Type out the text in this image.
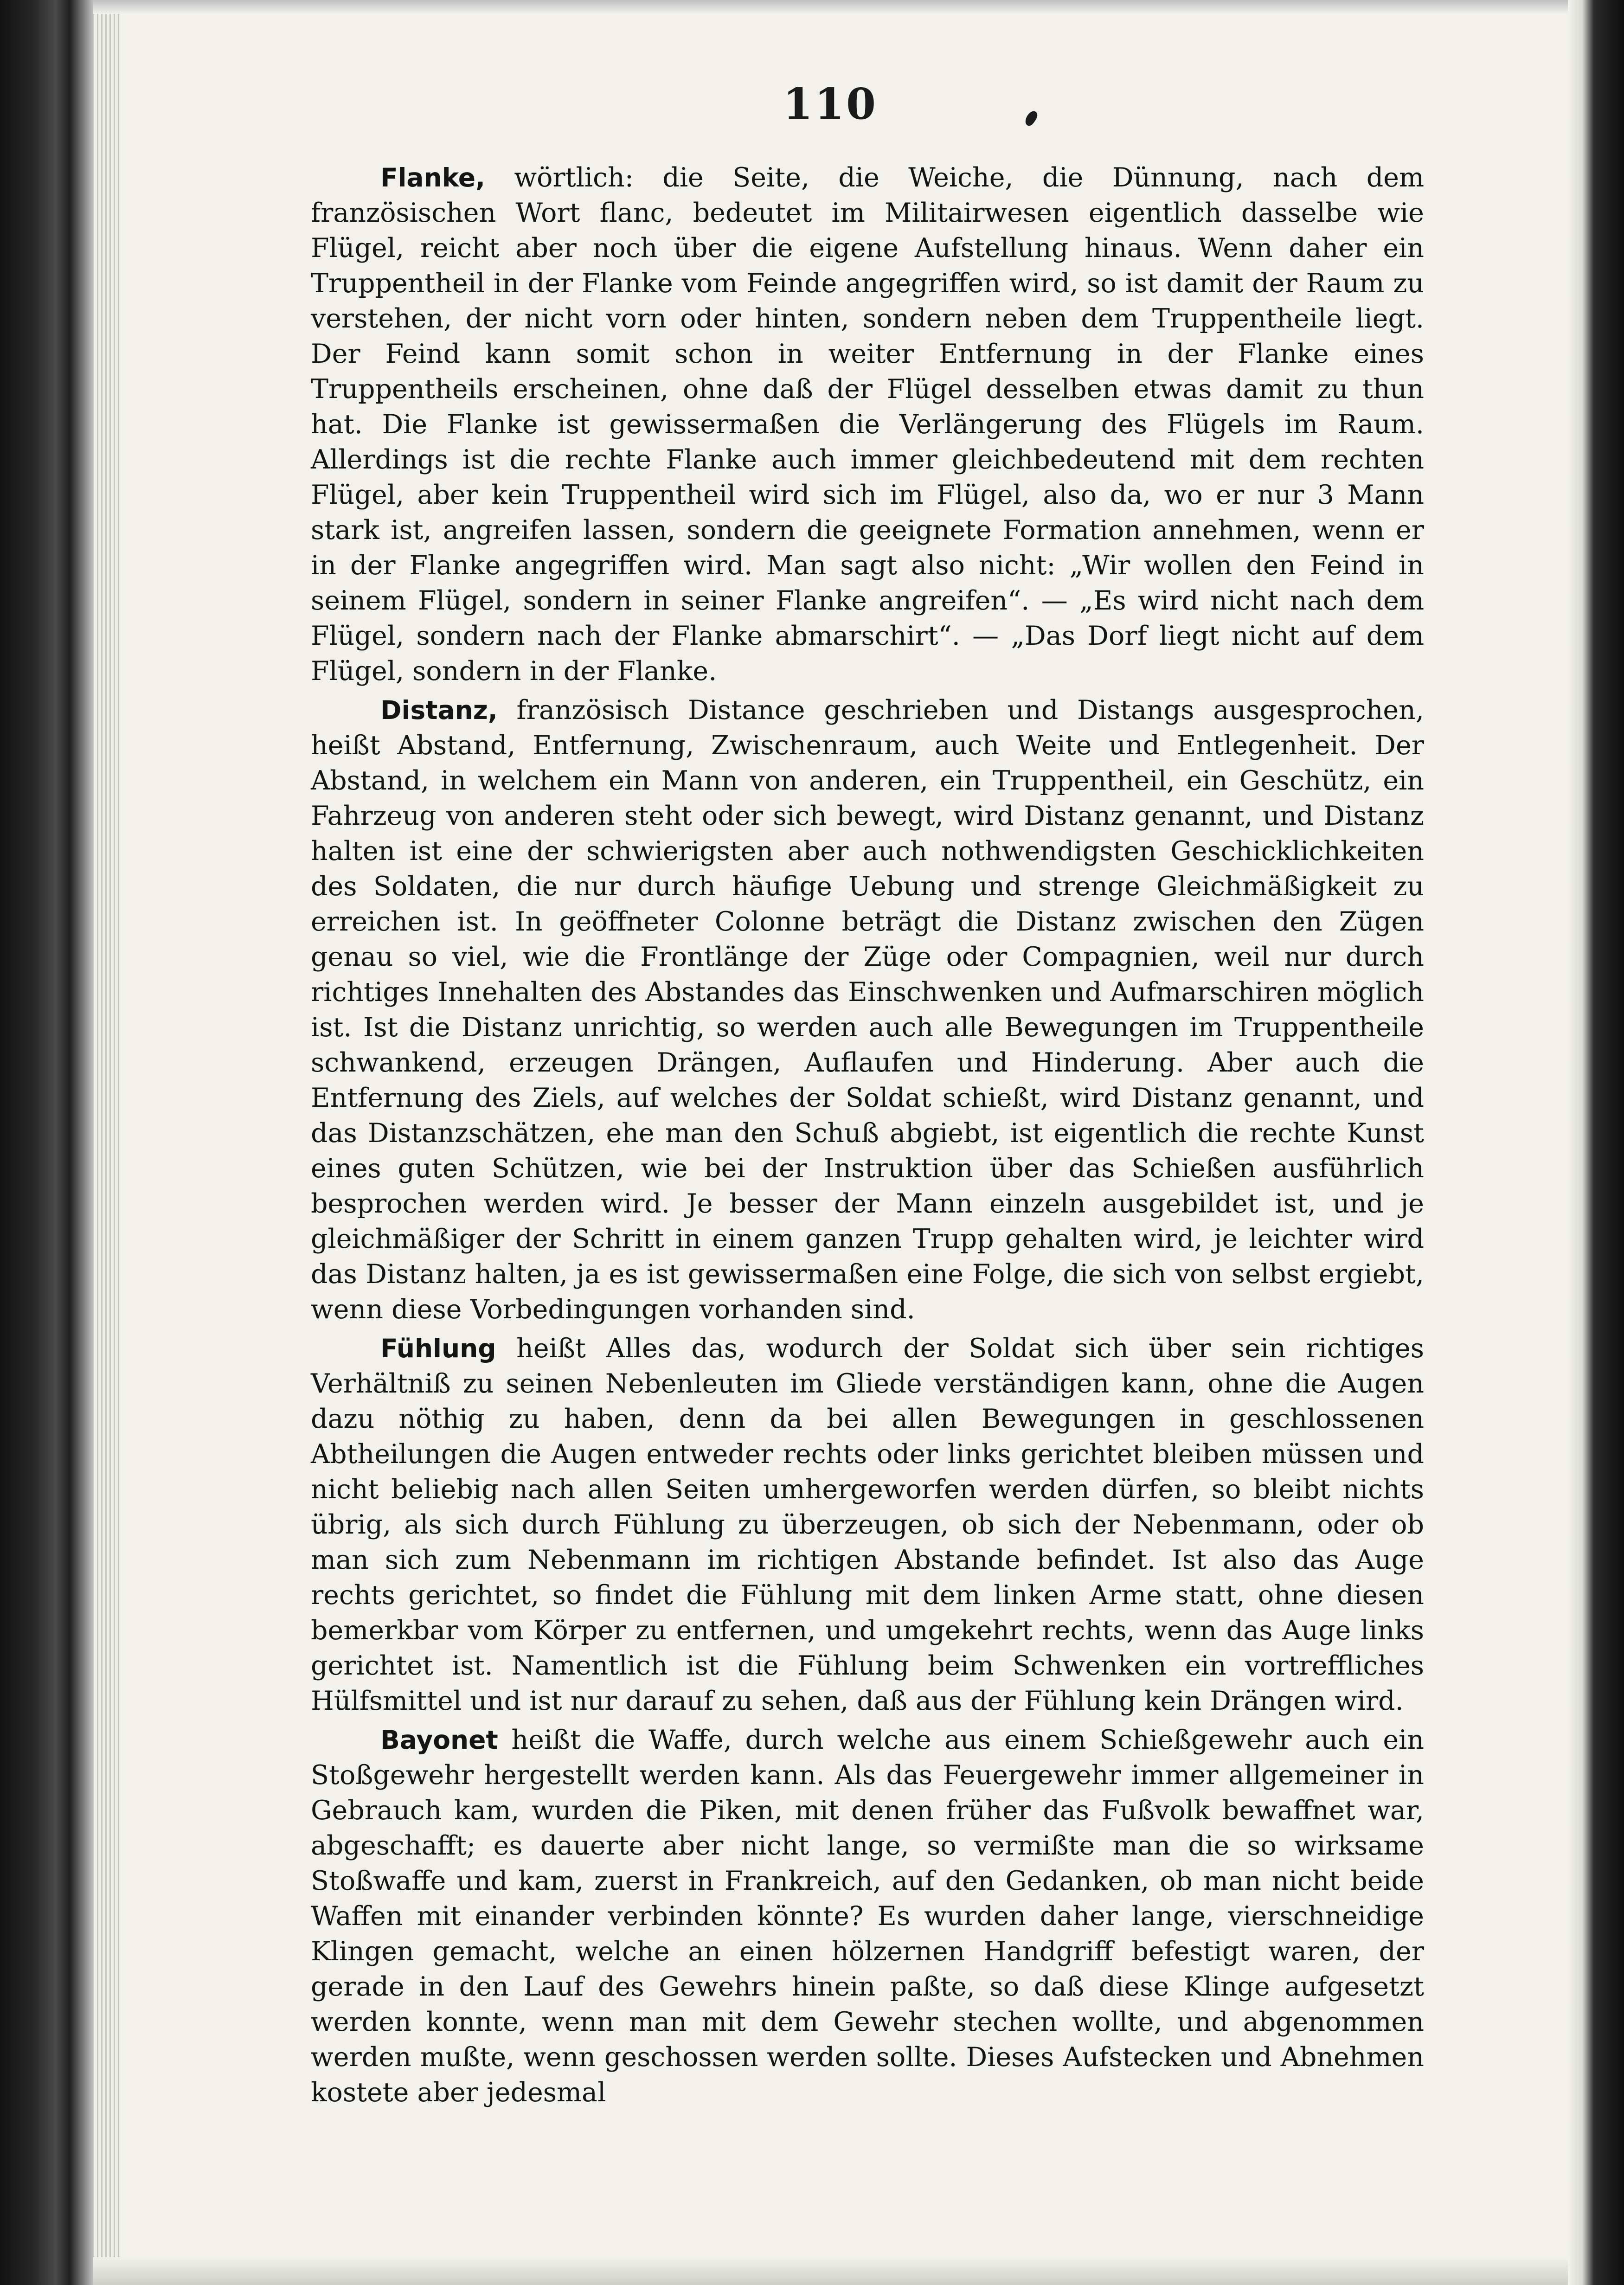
110

Flanke, wörtlich: die Seite, die Weiche, die Dünnung, nach dem französischen Wort flanc, bedeutet im Militairwesen eigentlich dasselbe wie Flügel, reicht aber noch über die eigene Aufstellung hinaus. Wenn daher ein Truppentheil in der Flanke vom Feinde angegriffen wird, so ist damit der Raum zu verstehen, der nicht vorn oder hinten, sondern neben dem Truppentheile liegt. Der Feind kann somit schon in weiter Entfernung in der Flanke eines Truppentheils erscheinen, ohne daß der Flügel desselben etwas damit zu thun hat. Die Flanke ist gewissermaßen die Verlängerung des Flügels im Raum. Allerdings ist die rechte Flanke auch immer gleichbedeutend mit dem rechten Flügel, aber kein Truppentheil wird sich im Flügel, also da, wo er nur 3 Mann stark ist, angreifen lassen, sondern die geeignete Formation annehmen, wenn er in der Flanke angegriffen wird. Man sagt also nicht: „Wir wollen den Feind in seinem Flügel, sondern in seiner Flanke angreifen“. — „Es wird nicht nach dem Flügel, sondern nach der Flanke abmarschirt“. — „Das Dorf liegt nicht auf dem Flügel, sondern in der Flanke.

Distanz, französisch Distance geschrieben und Distangs ausgesprochen, heißt Abstand, Entfernung, Zwischenraum, auch Weite und Entlegenheit. Der Abstand, in welchem ein Mann von anderen, ein Truppentheil, ein Geschütz, ein Fahrzeug von anderen steht oder sich bewegt, wird Distanz genannt, und Distanz halten ist eine der schwierigsten aber auch nothwendigsten Geschicklichkeiten des Soldaten, die nur durch häufige Uebung und strenge Gleichmäßigkeit zu erreichen ist. In geöffneter Colonne beträgt die Distanz zwischen den Zügen genau so viel, wie die Frontlänge der Züge oder Compagnien, weil nur durch richtiges Innehalten des Abstandes das Einschwenken und Aufmarschiren möglich ist. Ist die Distanz unrichtig, so werden auch alle Bewegungen im Truppentheile schwankend, erzeugen Drängen, Auflaufen und Hinderung. Aber auch die Entfernung des Ziels, auf welches der Soldat schießt, wird Distanz genannt, und das Distanzschätzen, ehe man den Schuß abgiebt, ist eigentlich die rechte Kunst eines guten Schützen, wie bei der Instruktion über das Schießen ausführlich besprochen werden wird. Je besser der Mann einzeln ausgebildet ist, und je gleichmäßiger der Schritt in einem ganzen Trupp gehalten wird, je leichter wird das Distanz halten, ja es ist gewissermaßen eine Folge, die sich von selbst ergiebt, wenn diese Vorbedingungen vorhanden sind.

Fühlung heißt Alles das, wodurch der Soldat sich über sein richtiges Verhältniß zu seinen Nebenleuten im Gliede verständigen kann, ohne die Augen dazu nöthig zu haben, denn da bei allen Bewegungen in geschlossenen Abtheilungen die Augen entweder rechts oder links gerichtet bleiben müssen und nicht beliebig nach allen Seiten umhergeworfen werden dürfen, so bleibt nichts übrig, als sich durch Fühlung zu überzeugen, ob sich der Nebenmann, oder ob man sich zum Nebenmann im richtigen Abstande befindet. Ist also das Auge rechts gerichtet, so findet die Fühlung mit dem linken Arme statt, ohne diesen bemerkbar vom Körper zu entfernen, und umgekehrt rechts, wenn das Auge links gerichtet ist. Namentlich ist die Fühlung beim Schwenken ein vortreffliches Hülfsmittel und ist nur darauf zu sehen, daß aus der Fühlung kein Drängen wird.

Bayonet heißt die Waffe, durch welche aus einem Schießgewehr auch ein Stoßgewehr hergestellt werden kann. Als das Feuergewehr immer allgemeiner in Gebrauch kam, wurden die Piken, mit denen früher das Fußvolk bewaffnet war, abgeschafft; es dauerte aber nicht lange, so vermißte man die so wirksame Stoßwaffe und kam, zuerst in Frankreich, auf den Gedanken, ob man nicht beide Waffen mit einander verbinden könnte? Es wurden daher lange, vierschneidige Klingen gemacht, welche an einen hölzernen Handgriff befestigt waren, der gerade in den Lauf des Gewehrs hinein paßte, so daß diese Klinge aufgesetzt werden konnte, wenn man mit dem Gewehr stechen wollte, und abgenommen werden mußte, wenn geschossen werden sollte. Dieses Aufstecken und Abnehmen kostete aber jedesmal
